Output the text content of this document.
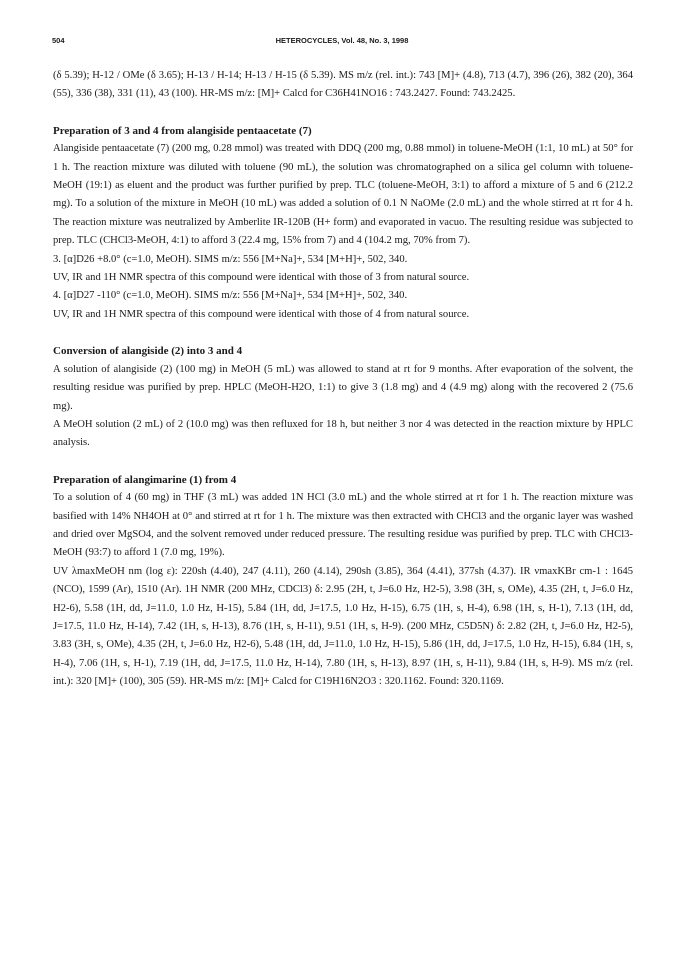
504	HETEROCYCLES, Vol. 48, No. 3, 1998

(δ 5.39); H-12 / OMe (δ 3.65); H-13 / H-14; H-13 / H-15 (δ 5.39). MS m/z (rel. int.): 743 [M]+ (4.8), 713 (4.7), 396 (26), 382 (20), 364 (55), 336 (38), 331 (11), 43 (100). HR-MS m/z: [M]+ Calcd for C36H41NO16 : 743.2427. Found: 743.2425.

Preparation of 3 and 4 from alangiside pentaacetate (7)

Alangiside pentaacetate (7) (200 mg, 0.28 mmol) was treated with DDQ (200 mg, 0.88 mmol) in toluene-MeOH (1:1, 10 mL) at 50° for 1 h. The reaction mixture was diluted with toluene (90 mL), the solution was chromatographed on a silica gel column with toluene-MeOH (19:1) as eluent and the product was further purified by prep. TLC (toluene-MeOH, 3:1) to afford a mixture of 5 and 6 (212.2 mg). To a solution of the mixture in MeOH (10 mL) was added a solution of 0.1 N NaOMe (2.0 mL) and the whole stirred at rt for 4 h. The reaction mixture was neutralized by Amberlite IR-120B (H+ form) and evaporated in vacuo. The resulting residue was subjected to prep. TLC (CHCl3-MeOH, 4:1) to afford 3 (22.4 mg, 15% from 7) and 4 (104.2 mg, 70% from 7).

3. [α]D26 +8.0° (c=1.0, MeOH). SIMS m/z: 556 [M+Na]+, 534 [M+H]+, 502, 340.

UV, IR and 1H NMR spectra of this compound were identical with those of 3 from natural source.

4. [α]D27 -110° (c=1.0, MeOH). SIMS m/z: 556 [M+Na]+, 534 [M+H]+, 502, 340.

UV, IR and 1H NMR spectra of this compound were identical with those of 4 from natural source.

Conversion of alangiside (2) into 3 and 4

A solution of alangiside (2) (100 mg) in MeOH (5 mL) was allowed to stand at rt for 9 months. After evaporation of the solvent, the resulting residue was purified by prep. HPLC (MeOH-H2O, 1:1) to give 3 (1.8 mg) and 4 (4.9 mg) along with the recovered 2 (75.6 mg).

A MeOH solution (2 mL) of 2 (10.0 mg) was then refluxed for 18 h, but neither 3 nor 4 was detected in the reaction mixture by HPLC analysis.

Preparation of alangimarine (1) from 4

To a solution of 4 (60 mg) in THF (3 mL) was added 1N HCl (3.0 mL) and the whole stirred at rt for 1 h. The reaction mixture was basified with 14% NH4OH at 0° and stirred at rt for 1 h. The mixture was then extracted with CHCl3 and the organic layer was washed and dried over MgSO4, and the solvent removed under reduced pressure. The resulting residue was purified by prep. TLC with CHCl3-MeOH (93:7) to afford 1 (7.0 mg, 19%).

UV λmaxMeOH nm (log ε): 220sh (4.40), 247 (4.11), 260 (4.14), 290sh (3.85), 364 (4.41), 377sh (4.37). IR νmaxKBr cm-1 : 1645 (NCO), 1599 (Ar), 1510 (Ar). 1H NMR (200 MHz, CDCl3) δ: 2.95 (2H, t, J=6.0 Hz, H2-5), 3.98 (3H, s, OMe), 4.35 (2H, t, J=6.0 Hz, H2-6), 5.58 (1H, dd, J=11.0, 1.0 Hz, H-15), 5.84 (1H, dd, J=17.5, 1.0 Hz, H-15), 6.75 (1H, s, H-4), 6.98 (1H, s, H-1), 7.13 (1H, dd, J=17.5, 11.0 Hz, H-14), 7.42 (1H, s, H-13), 8.76 (1H, s, H-11), 9.51 (1H, s, H-9). (200 MHz, C5D5N) δ: 2.82 (2H, t, J=6.0 Hz, H2-5), 3.83 (3H, s, OMe), 4.35 (2H, t, J=6.0 Hz, H2-6), 5.48 (1H, dd, J=11.0, 1.0 Hz, H-15), 5.86 (1H, dd, J=17.5, 1.0 Hz, H-15), 6.84 (1H, s, H-4), 7.06 (1H, s, H-1), 7.19 (1H, dd, J=17.5, 11.0 Hz, H-14), 7.80 (1H, s, H-13), 8.97 (1H, s, H-11), 9.84 (1H, s, H-9). MS m/z (rel. int.): 320 [M]+ (100), 305 (59). HR-MS m/z: [M]+ Calcd for C19H16N2O3 : 320.1162. Found: 320.1169.
